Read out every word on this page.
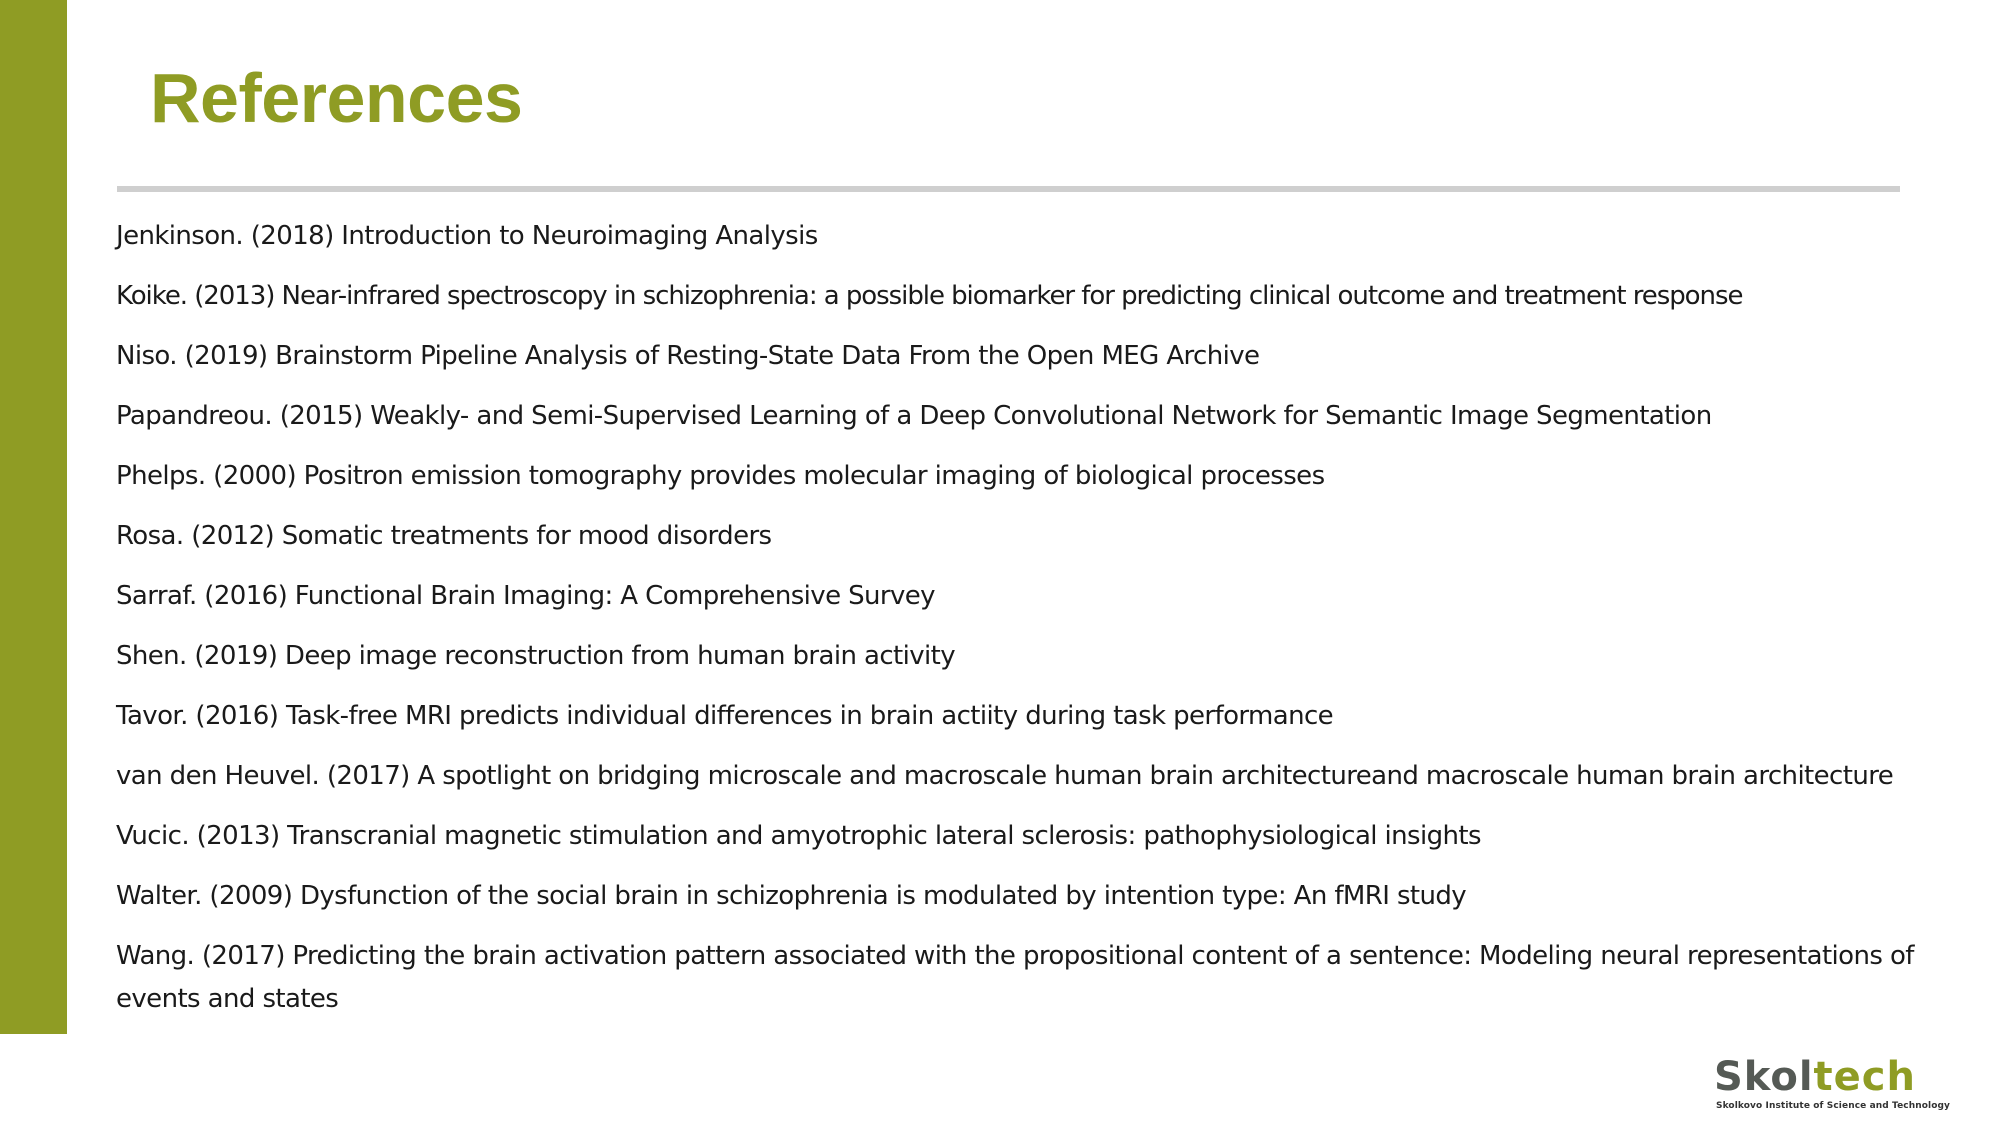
References
Jenkinson. (2018) Introduction to Neuroimaging Analysis
Koike. (2013) Near-infrared spectroscopy in schizophrenia: a possible biomarker for predicting clinical outcome and treatment response
Niso. (2019) Brainstorm Pipeline Analysis of Resting-State Data From the Open MEG Archive
Papandreou. (2015) Weakly- and Semi-Supervised Learning of a Deep Convolutional Network for Semantic Image Segmentation
Phelps. (2000) Positron emission tomography provides molecular imaging of biological processes
Rosa. (2012) Somatic treatments for mood disorders
Sarraf. (2016) Functional Brain Imaging: A Comprehensive Survey
Shen. (2019) Deep image reconstruction from human brain activity
Tavor. (2016) Task-free MRI predicts individual differences in brain actiity during task performance
van den Heuvel. (2017) A spotlight on bridging microscale and macroscale human brain architectureand macroscale human brain architecture
Vucic. (2013) Transcranial magnetic stimulation and amyotrophic lateral sclerosis: pathophysiological insights
Walter. (2009) Dysfunction of the social brain in schizophrenia is modulated by intention type: An fMRI study
Wang. (2017) Predicting the brain activation pattern associated with the propositional content of a sentence: Modeling neural representations of events and states
Skoltech
Skolkovo Institute of Science and Technology
